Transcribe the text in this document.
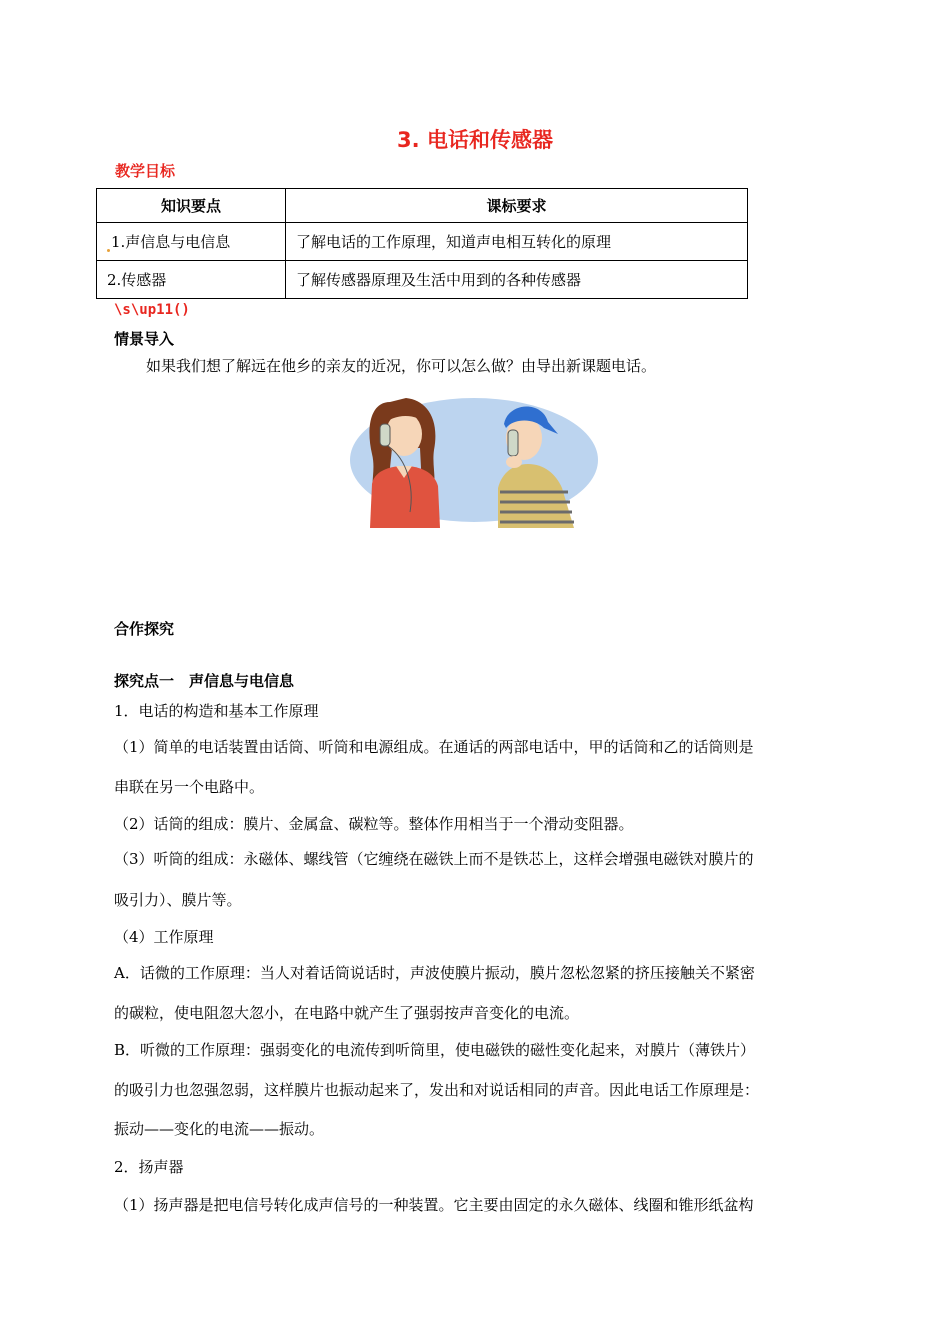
3. 电话和传感器
教学目标
知识要点	课标要求
1.声信息与电信息	了解电话的工作原理，知道声电相互转化的原理
2.传感器	了解传感器原理及生活中用到的各种传感器
\s\up11()
情景导入
如果我们想了解远在他乡的亲友的近况，你可以怎么做？由导出新课题电话。
合作探究
探究点一　声信息与电信息
1．电话的构造和基本工作原理
（1）简单的电话装置由话筒、听筒和电源组成。在通话的两部电话中，甲的话筒和乙的话筒则是
串联在另一个电路中。
（2）话筒的组成：膜片、金属盒、碳粒等。整体作用相当于一个滑动变阻器。
（3）听筒的组成：永磁体、螺线管（它缠绕在磁铁上而不是铁芯上，这样会增强电磁铁对膜片的
吸引力）、膜片等。
（4）工作原理
A．话微的工作原理：当人对着话筒说话时，声波使膜片振动，膜片忽松忽紧的挤压接触关不紧密
的碳粒，使电阻忽大忽小，在电路中就产生了强弱按声音变化的电流。
B．听微的工作原理：强弱变化的电流传到听筒里，使电磁铁的磁性变化起来，对膜片（薄铁片）
的吸引力也忽强忽弱，这样膜片也振动起来了，发出和对说话相同的声音。因此电话工作原理是：
振动——变化的电流——振动。
2．扬声器
（1）扬声器是把电信号转化成声信号的一种装置。它主要由固定的永久磁体、线圈和锥形纸盆构
